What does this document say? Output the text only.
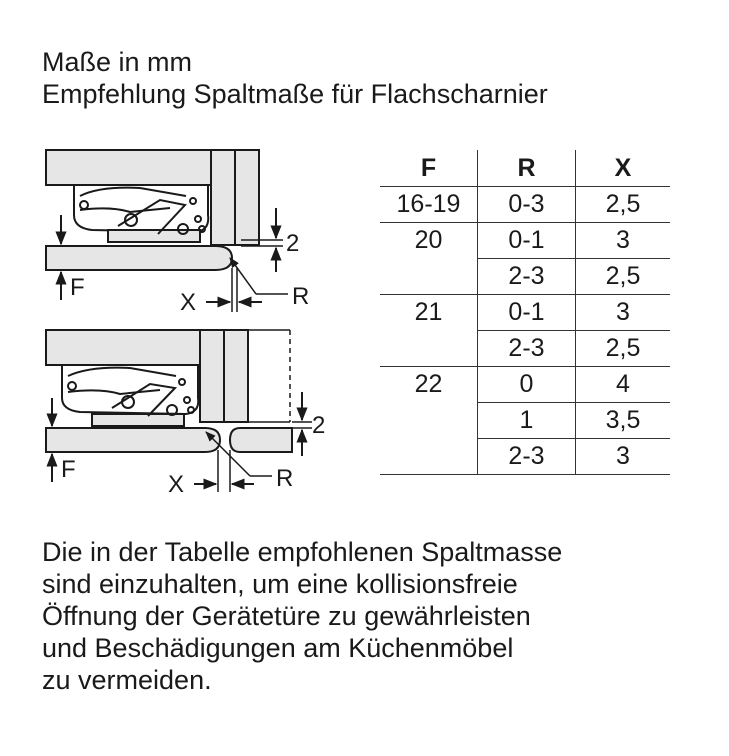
Maße in mm
Empfehlung Spaltmaße für Flachscharnier
F
X	R
2
F
X	R
2
F	R	X
16-19	0-3	2,5
20	0-1	3
	2-3	2,5
21	0-1	3
	2-3	2,5
22	0	4
	1	3,5
	2-3	3
Die in der Tabelle empfohlenen Spaltmasse
sind einzuhalten, um eine kollisionsfreie
Öffnung der Gerätetüre zu gewährleisten
und Beschädigungen am Küchenmöbel
zu vermeiden.
